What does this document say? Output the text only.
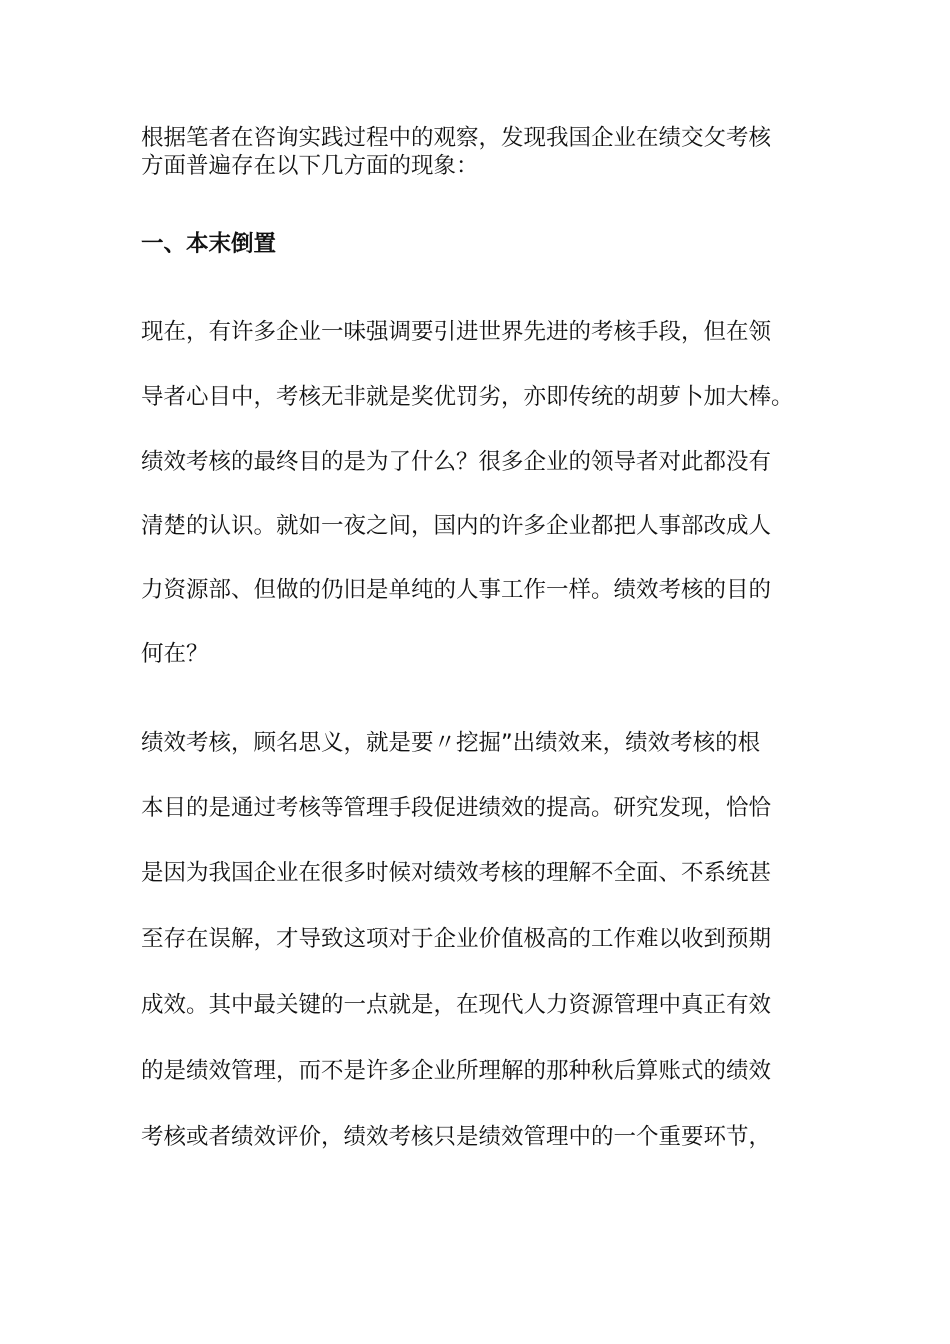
根据笔者在咨询实践过程中的观察，发现我国企业在绩交攵考核
方面普遍存在以下几方面的现象：
一、本末倒置
现在，有许多企业一味强调要引进世界先进的考核手段，但在领
导者心目中，考核无非就是奖优罚劣，亦即传统的胡萝卜加大棒。
绩效考核的最终目的是为了什么？很多企业的领导者对此都没有
清楚的认识。就如一夜之间，国内的许多企业都把人事部改成人
力资源部、但做的仍旧是单纯的人事工作一样。绩效考核的目的
何在？
绩效考核，顾名思义，就是要〃挖掘”出绩效来，绩效考核的根
本目的是通过考核等管理手段促进绩效的提高。研究发现，恰恰
是因为我国企业在很多时候对绩效考核的理解不全面、不系统甚
至存在误解，才导致这项对于企业价值极高的工作难以收到预期
成效。其中最关键的一点就是，在现代人力资源管理中真正有效
的是绩效管理，而不是许多企业所理解的那种秋后算账式的绩效
考核或者绩效评价，绩效考核只是绩效管理中的一个重要环节，
